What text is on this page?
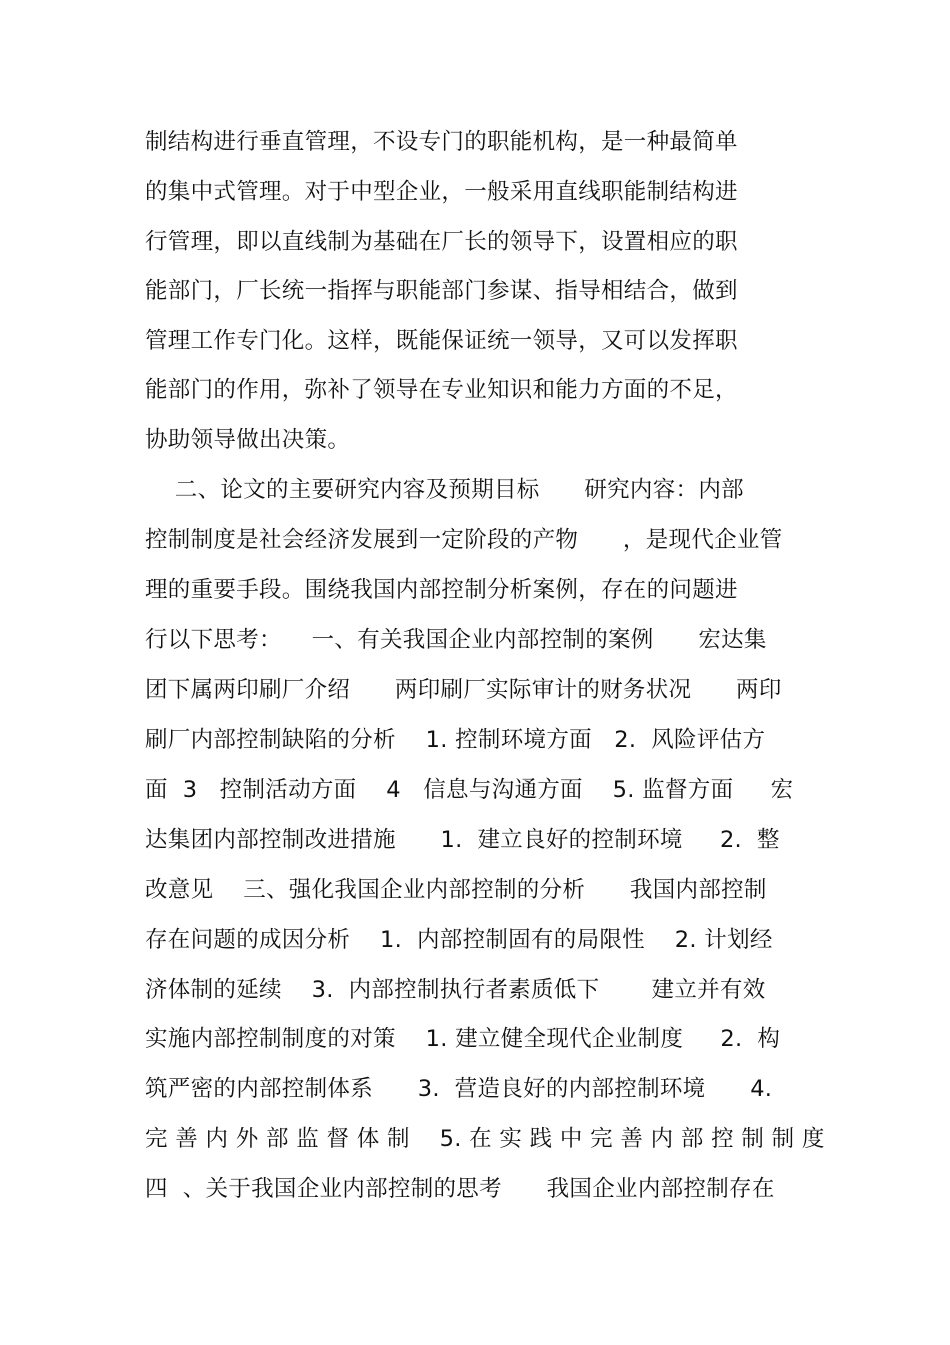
制结构进行垂直管理，不设专门的职能机构，是一种最简单
的集中式管理。对于中型企业，一般采用直线职能制结构进
行管理，即以直线制为基础在厂长的领导下，设置相应的职
能部门，厂长统一指挥与职能部门参谋、指导相结合，做到
管理工作专门化。这样，既能保证统一领导，又可以发挥职
能部门的作用，弥补了领导在专业知识和能力方面的不足，
协助领导做出决策。
二、论文的主要研究内容及预期目标      研究内容：内部
控制制度是社会经济发展到一定阶段的产物      ，是现代企业管
理的重要手段。围绕我国内部控制分析案例，存在的问题进
行以下思考：    一、有关我国企业内部控制的案例      宏达集
团下属两印刷厂介绍      两印刷厂实际审计的财务状况      两印
刷厂内部控制缺陷的分析    1. 控制环境方面   2.  风险评估方
面  3   控制活动方面    4   信息与沟通方面    5. 监督方面     宏
达集团内部控制改进措施      1.  建立良好的控制环境     2.  整
改意见    三、强化我国企业内部控制的分析      我国内部控制
存在问题的成因分析    1.  内部控制固有的局限性    2. 计划经
济体制的延续    3.  内部控制执行者素质低下       建立并有效
实施内部控制制度的对策    1. 建立健全现代企业制度     2.  构
筑严密的内部控制体系      3.  营造良好的内部控制环境      4.
完 善 内 外 部 监 督 体 制    5. 在 实 践 中 完 善 内 部 控 制 制 度
四  、关于我国企业内部控制的思考      我国企业内部控制存在
